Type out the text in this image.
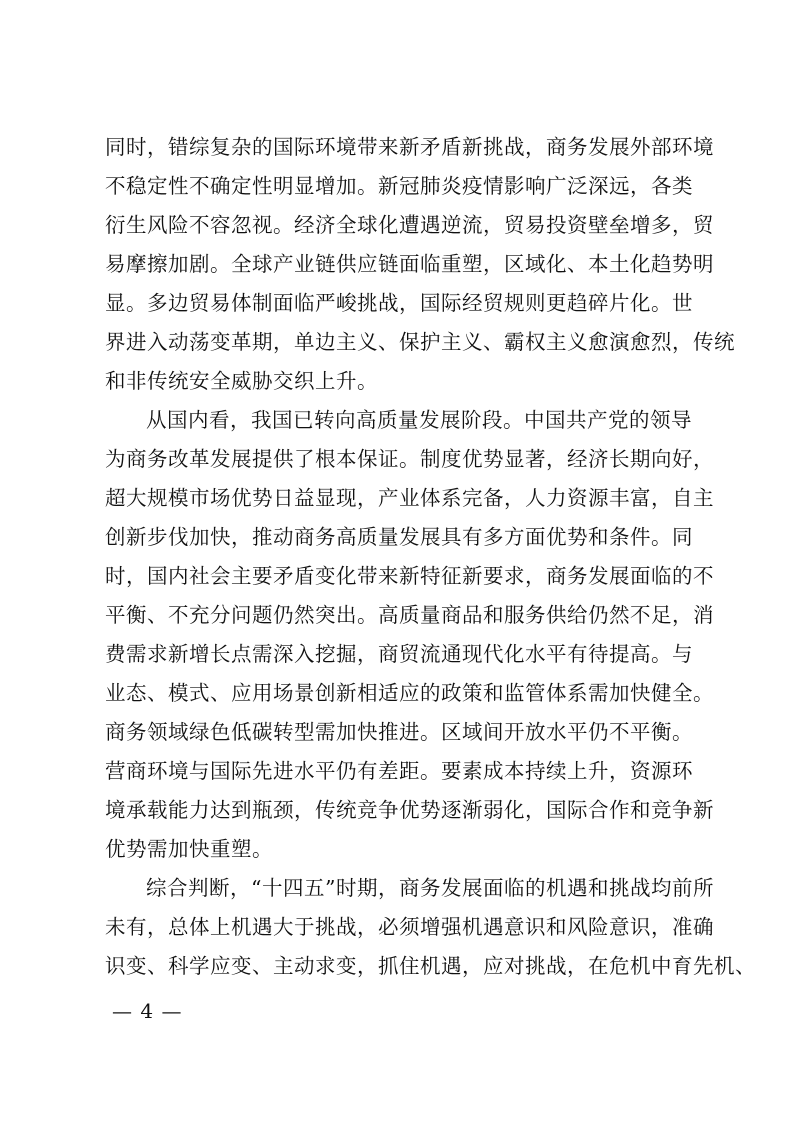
同时，错综复杂的国际环境带来新矛盾新挑战，商务发展外部环境
不稳定性不确定性明显增加。新冠肺炎疫情影响广泛深远，各类
衍生风险不容忽视。经济全球化遭遇逆流，贸易投资壁垒增多，贸
易摩擦加剧。全球产业链供应链面临重塑，区域化、本土化趋势明
显。多边贸易体制面临严峻挑战，国际经贸规则更趋碎片化。世
界进入动荡变革期，单边主义、保护主义、霸权主义愈演愈烈，传统
和非传统安全威胁交织上升。
从国内看，我国已转向高质量发展阶段。中国共产党的领导
为商务改革发展提供了根本保证。制度优势显著，经济长期向好，
超大规模市场优势日益显现，产业体系完备，人力资源丰富，自主
创新步伐加快，推动商务高质量发展具有多方面优势和条件。同
时，国内社会主要矛盾变化带来新特征新要求，商务发展面临的不
平衡、不充分问题仍然突出。高质量商品和服务供给仍然不足，消
费需求新增长点需深入挖掘，商贸流通现代化水平有待提高。与
业态、模式、应用场景创新相适应的政策和监管体系需加快健全。
商务领域绿色低碳转型需加快推进。区域间开放水平仍不平衡。
营商环境与国际先进水平仍有差距。要素成本持续上升，资源环
境承载能力达到瓶颈，传统竞争优势逐渐弱化，国际合作和竞争新
优势需加快重塑。
综合判断，“十四五”时期，商务发展面临的机遇和挑战均前所
未有，总体上机遇大于挑战，必须增强机遇意识和风险意识，准确
识变、科学应变、主动求变，抓住机遇，应对挑战，在危机中育先机、
— 4 —
